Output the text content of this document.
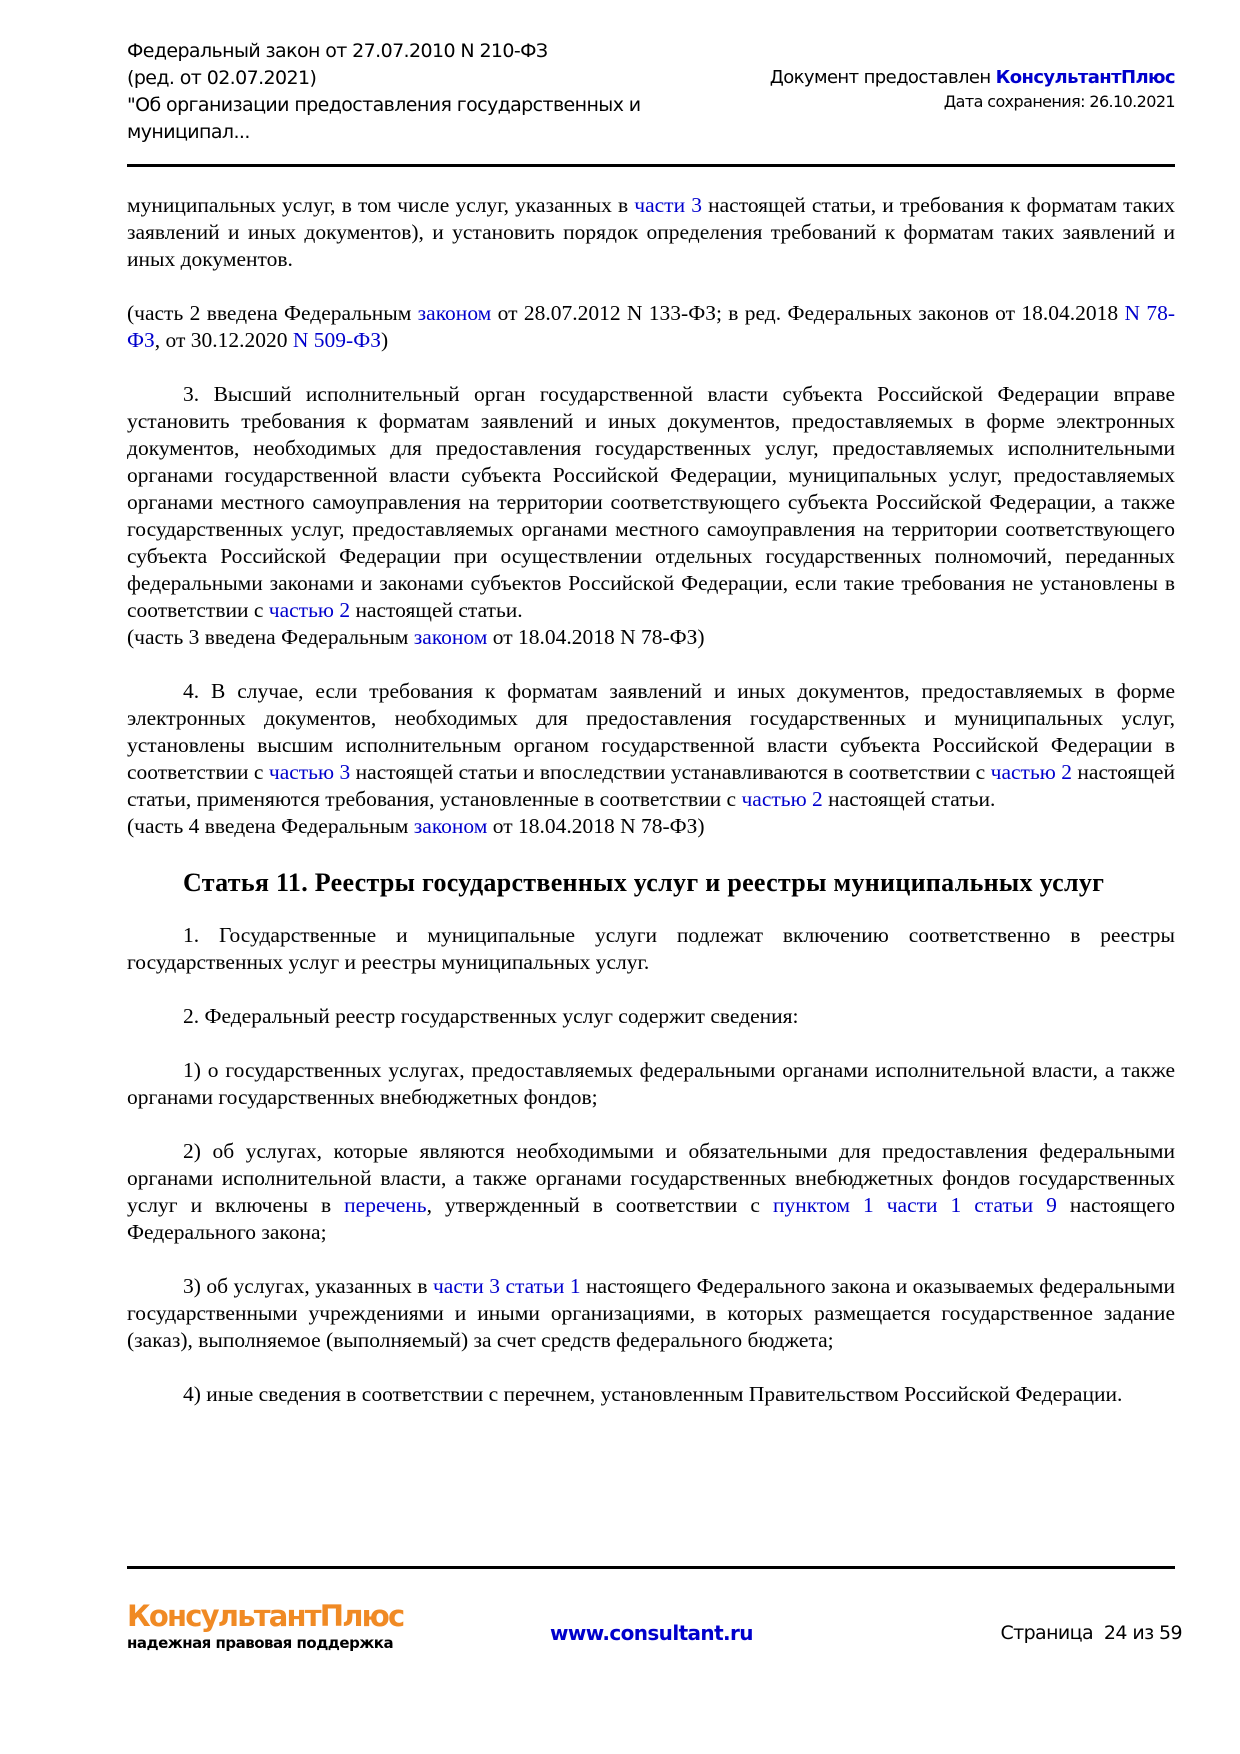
Федеральный закон от 27.07.2010 N 210-ФЗ
(ред. от 02.07.2021)
"Об организации предоставления государственных и
муниципал...
Документ предоставлен КонсультантПлюс
Дата сохранения: 26.10.2021

муниципальных услуг, в том числе услуг, указанных в части 3 настоящей статьи, и требования к форматам таких заявлений и иных документов), и установить порядок определения требований к форматам таких заявлений и иных документов.

(часть 2 введена Федеральным законом от 28.07.2012 N 133-ФЗ; в ред. Федеральных законов от 18.04.2018 N 78-ФЗ, от 30.12.2020 N 509-ФЗ)

3. Высший исполнительный орган государственной власти субъекта Российской Федерации вправе установить требования к форматам заявлений и иных документов, предоставляемых в форме электронных документов, необходимых для предоставления государственных услуг, предоставляемых исполнительными органами государственной власти субъекта Российской Федерации, муниципальных услуг, предоставляемых органами местного самоуправления на территории соответствующего субъекта Российской Федерации, а также государственных услуг, предоставляемых органами местного самоуправления на территории соответствующего субъекта Российской Федерации при осуществлении отдельных государственных полномочий, переданных федеральными законами и законами субъектов Российской Федерации, если такие требования не установлены в соответствии с частью 2 настоящей статьи.

(часть 3 введена Федеральным законом от 18.04.2018 N 78-ФЗ)

4. В случае, если требования к форматам заявлений и иных документов, предоставляемых в форме электронных документов, необходимых для предоставления государственных и муниципальных услуг, установлены высшим исполнительным органом государственной власти субъекта Российской Федерации в соответствии с частью 3 настоящей статьи и впоследствии устанавливаются в соответствии с частью 2 настоящей статьи, применяются требования, установленные в соответствии с частью 2 настоящей статьи.

(часть 4 введена Федеральным законом от 18.04.2018 N 78-ФЗ)

Статья 11. Реестры государственных услуг и реестры муниципальных услуг

1. Государственные и муниципальные услуги подлежат включению соответственно в реестры государственных услуг и реестры муниципальных услуг.

2. Федеральный реестр государственных услуг содержит сведения:

1) о государственных услугах, предоставляемых федеральными органами исполнительной власти, а также органами государственных внебюджетных фондов;

2) об услугах, которые являются необходимыми и обязательными для предоставления федеральными органами исполнительной власти, а также органами государственных внебюджетных фондов государственных услуг и включены в перечень, утвержденный в соответствии с пунктом 1 части 1 статьи 9 настоящего Федерального закона;

3) об услугах, указанных в части 3 статьи 1 настоящего Федерального закона и оказываемых федеральными государственными учреждениями и иными организациями, в которых размещается государственное задание (заказ), выполняемое (выполняемый) за счет средств федерального бюджета;

4) иные сведения в соответствии с перечнем, установленным Правительством Российской Федерации.

КонсультантПлюс
надежная правовая поддержка	www.consultant.ru	Страница  24 из 59
